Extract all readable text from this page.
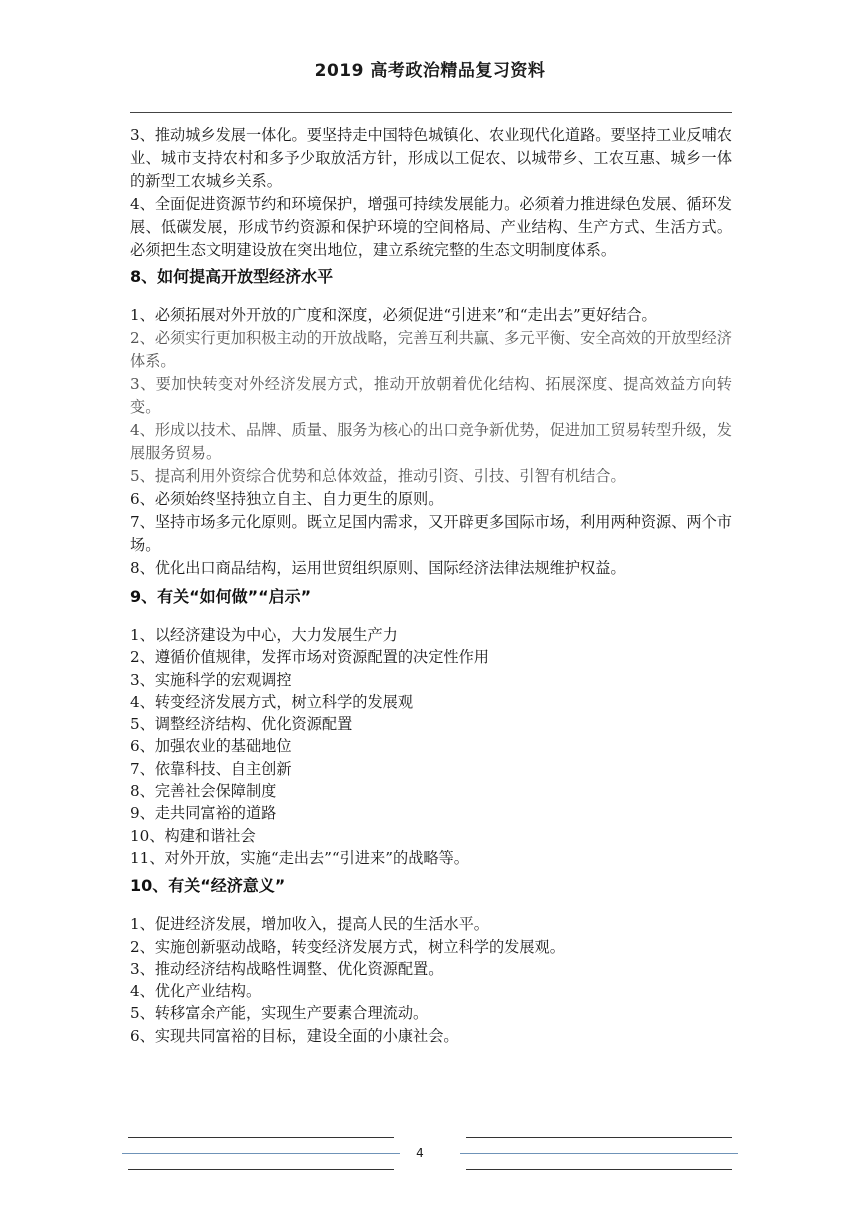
2019 高考政治精品复习资料

3、推动城乡发展一体化。要坚持走中国特色城镇化、农业现代化道路。要坚持工业反哺农业、城市支持农村和多予少取放活方针，形成以工促农、以城带乡、工农互惠、城乡一体的新型工农城乡关系。

4、全面促进资源节约和环境保护，增强可持续发展能力。必须着力推进绿色发展、循环发展、低碳发展，形成节约资源和保护环境的空间格局、产业结构、生产方式、生活方式。必须把生态文明建设放在突出地位，建立系统完整的生态文明制度体系。

8、如何提高开放型经济水平

1、必须拓展对外开放的广度和深度，必须促进“引进来”和“走出去”更好结合。

2、必须实行更加积极主动的开放战略，完善互利共赢、多元平衡、安全高效的开放型经济体系。

3、要加快转变对外经济发展方式，推动开放朝着优化结构、拓展深度、提高效益方向转变。

4、形成以技术、品牌、质量、服务为核心的出口竞争新优势，促进加工贸易转型升级，发展服务贸易。

5、提高利用外资综合优势和总体效益，推动引资、引技、引智有机结合。

6、必须始终坚持独立自主、自力更生的原则。

7、坚持市场多元化原则。既立足国内需求，又开辟更多国际市场，利用两种资源、两个市场。

8、优化出口商品结构，运用世贸组织原则、国际经济法律法规维护权益。

9、有关“如何做”“启示”

1、以经济建设为中心，大力发展生产力

2、遵循价值规律，发挥市场对资源配置的决定性作用

3、实施科学的宏观调控

4、转变经济发展方式，树立科学的发展观

5、调整经济结构、优化资源配置

6、加强农业的基础地位

7、依靠科技、自主创新

8、完善社会保障制度

9、走共同富裕的道路

10、构建和谐社会

11、对外开放，实施“走出去”“引进来”的战略等。

10、有关“经济意义”

1、促进经济发展，增加收入，提高人民的生活水平。

2、实施创新驱动战略，转变经济发展方式，树立科学的发展观。

3、推动经济结构战略性调整、优化资源配置。

4、优化产业结构。

5、转移富余产能，实现生产要素合理流动。

6、实现共同富裕的目标，建设全面的小康社会。

4
